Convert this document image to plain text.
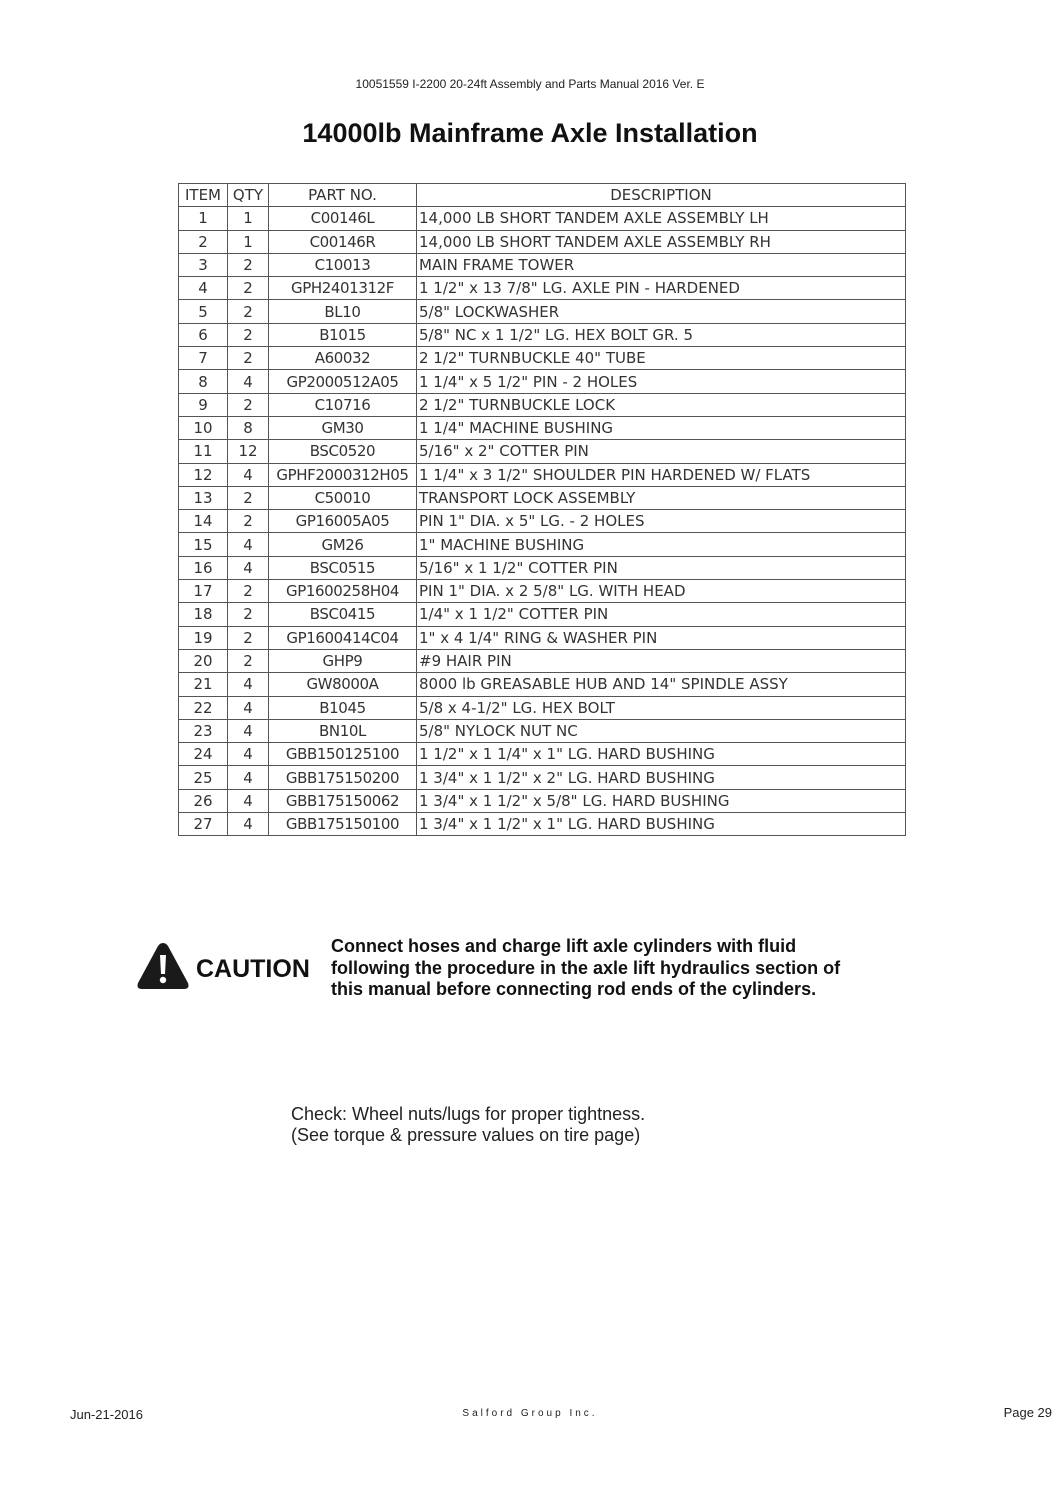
10051559 I-2200 20-24ft Assembly and Parts Manual 2016 Ver. E
14000lb Mainframe Axle Installation
ITEM	QTY	PART NO.	DESCRIPTION
1	1	C00146L	14,000 LB SHORT TANDEM AXLE ASSEMBLY LH
2	1	C00146R	14,000 LB SHORT TANDEM AXLE ASSEMBLY RH
3	2	C10013	MAIN FRAME TOWER
4	2	GPH2401312F	1 1/2" x 13 7/8" LG. AXLE PIN - HARDENED
5	2	BL10	5/8" LOCKWASHER
6	2	B1015	5/8" NC x 1 1/2" LG. HEX BOLT GR. 5
7	2	A60032	2 1/2" TURNBUCKLE 40" TUBE
8	4	GP2000512A05	1 1/4" x 5 1/2" PIN - 2 HOLES
9	2	C10716	2 1/2" TURNBUCKLE LOCK
10	8	GM30	1 1/4" MACHINE BUSHING
11	12	BSC0520	5/16" x 2" COTTER PIN
12	4	GPHF2000312H05	1 1/4" x 3 1/2" SHOULDER PIN HARDENED W/ FLATS
13	2	C50010	TRANSPORT LOCK ASSEMBLY
14	2	GP16005A05	PIN 1" DIA. x 5" LG. - 2 HOLES
15	4	GM26	1" MACHINE BUSHING
16	4	BSC0515	5/16" x 1 1/2" COTTER PIN
17	2	GP1600258H04	PIN 1" DIA. x 2 5/8" LG. WITH HEAD
18	2	BSC0415	1/4" x 1 1/2" COTTER PIN
19	2	GP1600414C04	1" x 4 1/4" RING & WASHER PIN
20	2	GHP9	#9 HAIR PIN
21	4	GW8000A	8000 lb GREASABLE HUB AND 14" SPINDLE ASSY
22	4	B1045	5/8 x 4-1/2" LG. HEX BOLT
23	4	BN10L	5/8" NYLOCK NUT NC
24	4	GBB150125100	1 1/2" x 1 1/4" x 1" LG. HARD BUSHING
25	4	GBB175150200	1 3/4" x 1 1/2" x 2" LG. HARD BUSHING
26	4	GBB175150062	1 3/4" x 1 1/2" x 5/8" LG. HARD BUSHING
27	4	GBB175150100	1 3/4" x 1 1/2" x 1" LG. HARD BUSHING
CAUTION
Connect hoses and charge lift axle cylinders with fluid
following the procedure in the axle lift hydraulics section of
this manual before connecting rod ends of the cylinders.
Check: Wheel nuts/lugs for proper tightness.
(See torque & pressure values on tire page)
Jun-21-2016	Salford Group Inc.	Page 29
